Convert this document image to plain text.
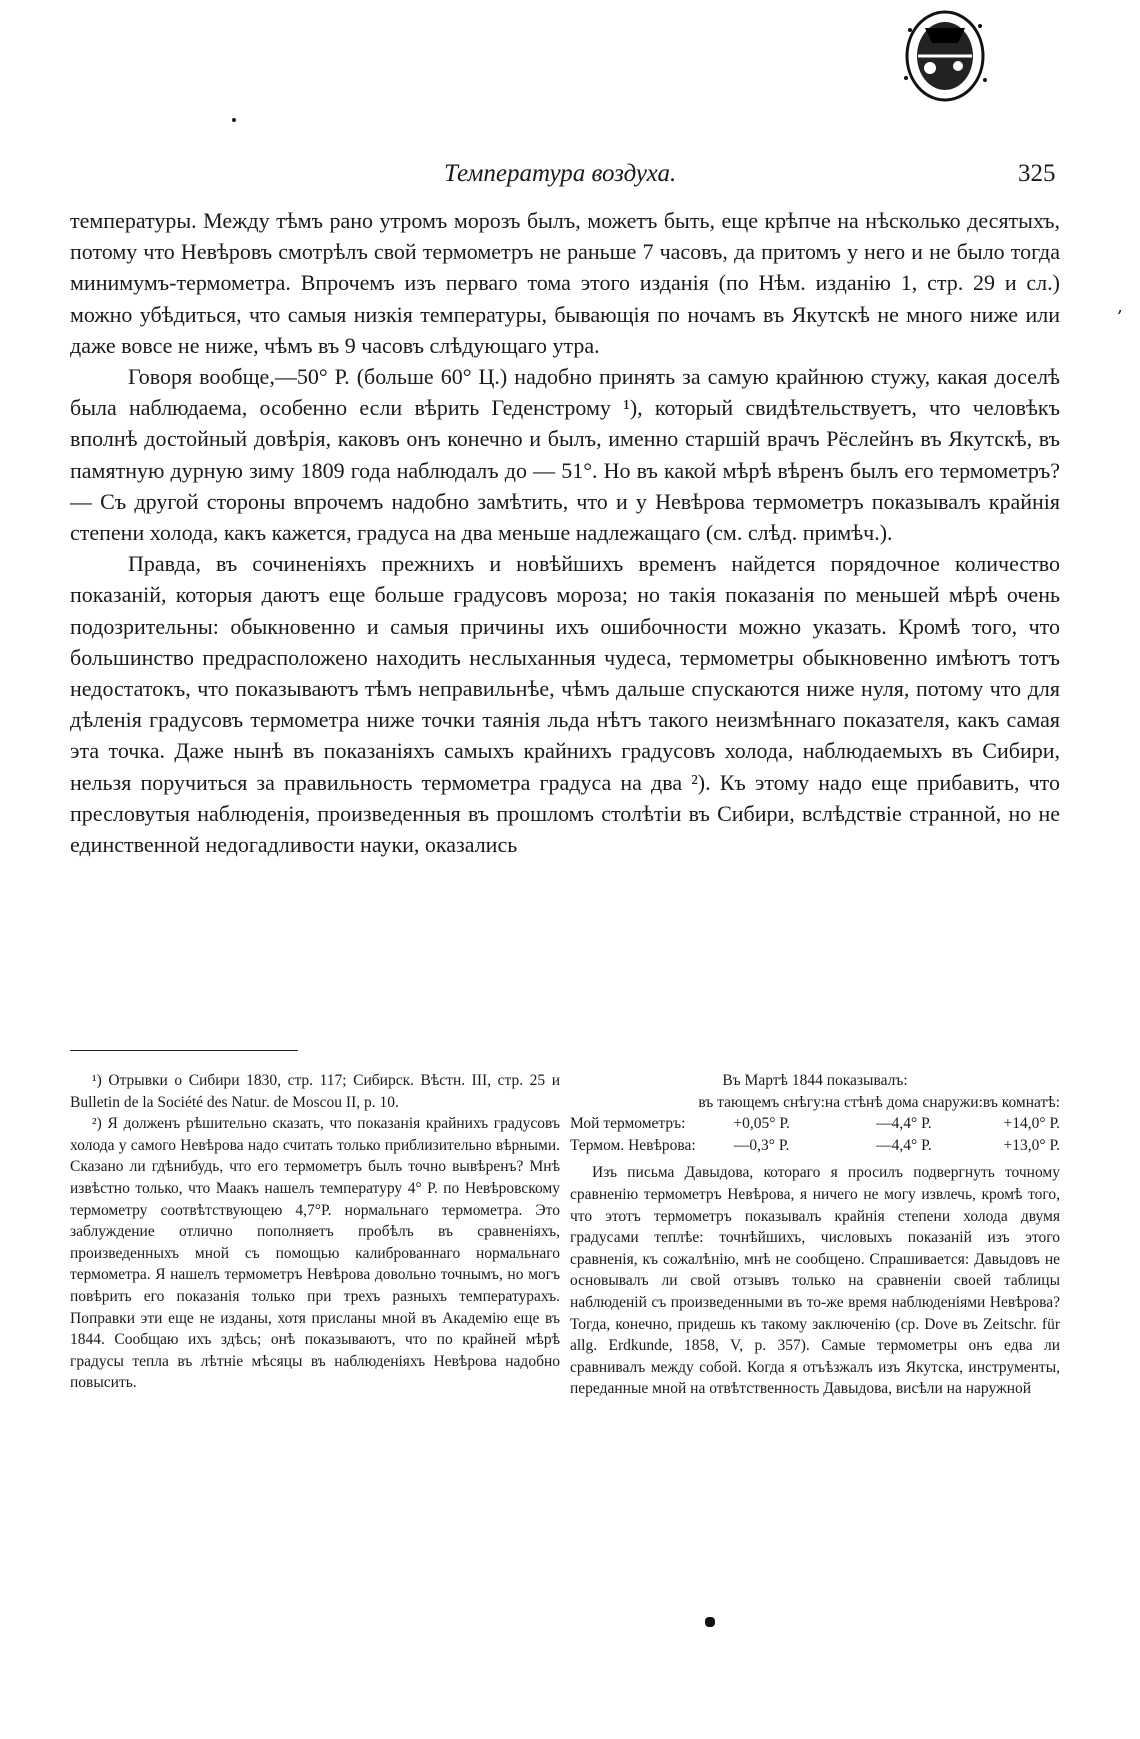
Температура воздуха.	325

температуры. Между тѣмъ рано утромъ морозъ былъ, можетъ быть, еще крѣпче на нѣсколько десятыхъ, потому что Невѣровъ смотрѣлъ свой термометръ не раньше 7 часовъ, да притомъ у него и не было тогда минимумъ-термометра. Впрочемъ изъ перваго тома этого изданія (по Нѣм. изданію 1, стр. 29 и сл.) можно убѣдиться, что самыя низкія температуры, бывающія по ночамъ въ Якутскѣ не много ниже или даже вовсе не ниже, чѣмъ въ 9 часовъ слѣдующаго утра.

Говоря вообще,—50° Р. (больше 60° Ц.) надобно принять за самую крайнюю стужу, какая доселѣ была наблюдаема, особенно если вѣрить Геденстрому ¹), который свидѣтельствуетъ, что человѣкъ вполнѣ достойный довѣрія, каковъ онъ конечно и былъ, именно старшій врачъ Рёслейнъ въ Якутскѣ, въ памятную дурную зиму 1809 года наблюдалъ до — 51°. Но въ какой мѣрѣ вѣренъ былъ его термометръ? — Съ другой стороны впрочемъ надобно замѣтить, что и у Невѣрова термометръ показывалъ крайнія степени холода, какъ кажется, градуса на два меньше надлежащаго (см. слѣд. примѣч.).

Правда, въ сочиненіяхъ прежнихъ и новѣйшихъ временъ найдется порядочное количество показаній, которыя даютъ еще больше градусовъ мороза; но такія показанія по меньшей мѣрѣ очень подозрительны: обыкновенно и самыя причины ихъ ошибочности можно указать. Кромѣ того, что большинство предрасположено находить неслыханныя чудеса, термометры обыкновенно имѣютъ тотъ недостатокъ, что показываютъ тѣмъ неправильнѣе, чѣмъ дальше спускаются ниже нуля, потому что для дѣленія градусовъ термометра ниже точки таянія льда нѣтъ такого неизмѣннаго показателя, какъ самая эта точка. Даже нынѣ въ показаніяхъ самыхъ крайнихъ градусовъ холода, наблюдаемыхъ въ Сибири, нельзя поручиться за правильность термометра градуса на два ²). Къ этому надо еще прибавить, что пресловутыя наблюденія, произведенныя въ прошломъ столѣтіи въ Сибири, вслѣдствіе странной, но не единственной недогадливости науки, оказались

¹) Отрывки о Сибири 1830, стр. 117; Сибирск. Вѣстн. III, стр. 25 и Bulletin de la Société des Natur. de Moscou II, p. 10.

²) Я долженъ рѣшительно сказать, что показанія крайнихъ градусовъ холода у самого Невѣрова надо считать только приблизительно вѣрными. Сказано ли гдѣнибудь, что его термометръ былъ точно вывѣренъ? Мнѣ извѣстно только, что Маакъ нашелъ температуру 4° Р. по Невѣровскому термометру соотвѣтствующею 4,7°Р. нормальнаго термометра. Это заблуждение отлично пополняетъ пробѣлъ въ сравненіяхъ, произведенныхъ мной съ помощью калиброваннаго нормальнаго термометра. Я нашелъ термометръ Невѣрова довольно точнымъ, но могъ повѣрить его показанія только при трехъ разныхъ температурахъ. Поправки эти еще не изданы, хотя присланы мной въ Академію еще въ 1844. Сообщаю ихъ здѣсь; онѣ показываютъ, что по крайней мѣрѣ градусы тепла въ лѣтніе мѣсяцы въ наблюденіяхъ Невѣрова надобно повысить.

Въ Мартѣ 1844 показывалъ:
	въ тающемъ снѣгу:	на стѣнѣ дома снаружи:	въ комнатѣ:
Мой термометръ:	+0,05° Р.	—4,4° Р.	+14,0° Р.
Термом. Невѣрова:	—0,3° Р.	—4,4° Р.	+13,0° Р.

Изъ письма Давыдова, котораго я просилъ подвергнуть точному сравненію термометръ Невѣрова, я ничего не могу извлечь, кромѣ того, что этотъ термометръ показывалъ крайнія степени холода двумя градусами теплѣе: точнѣйшихъ, числовыхъ показаній изъ этого сравненія, къ сожалѣнію, мнѣ не сообщено. Спрашивается: Давыдовъ не основывалъ ли свой отзывъ только на сравненіи своей таблицы наблюденій съ произведенными въ то-же время наблюденіями Невѣрова? Тогда, конечно, придешь къ такому заключенію (ср. Dove въ Zeitschr. für allg. Erdkunde, 1858, V, p. 357). Самые термометры онъ едва ли сравнивалъ между собой. Когда я отъѣзжалъ изъ Якутска, инструменты, переданные мной на отвѣтственность Давыдова, висѣли на наружной

‚
